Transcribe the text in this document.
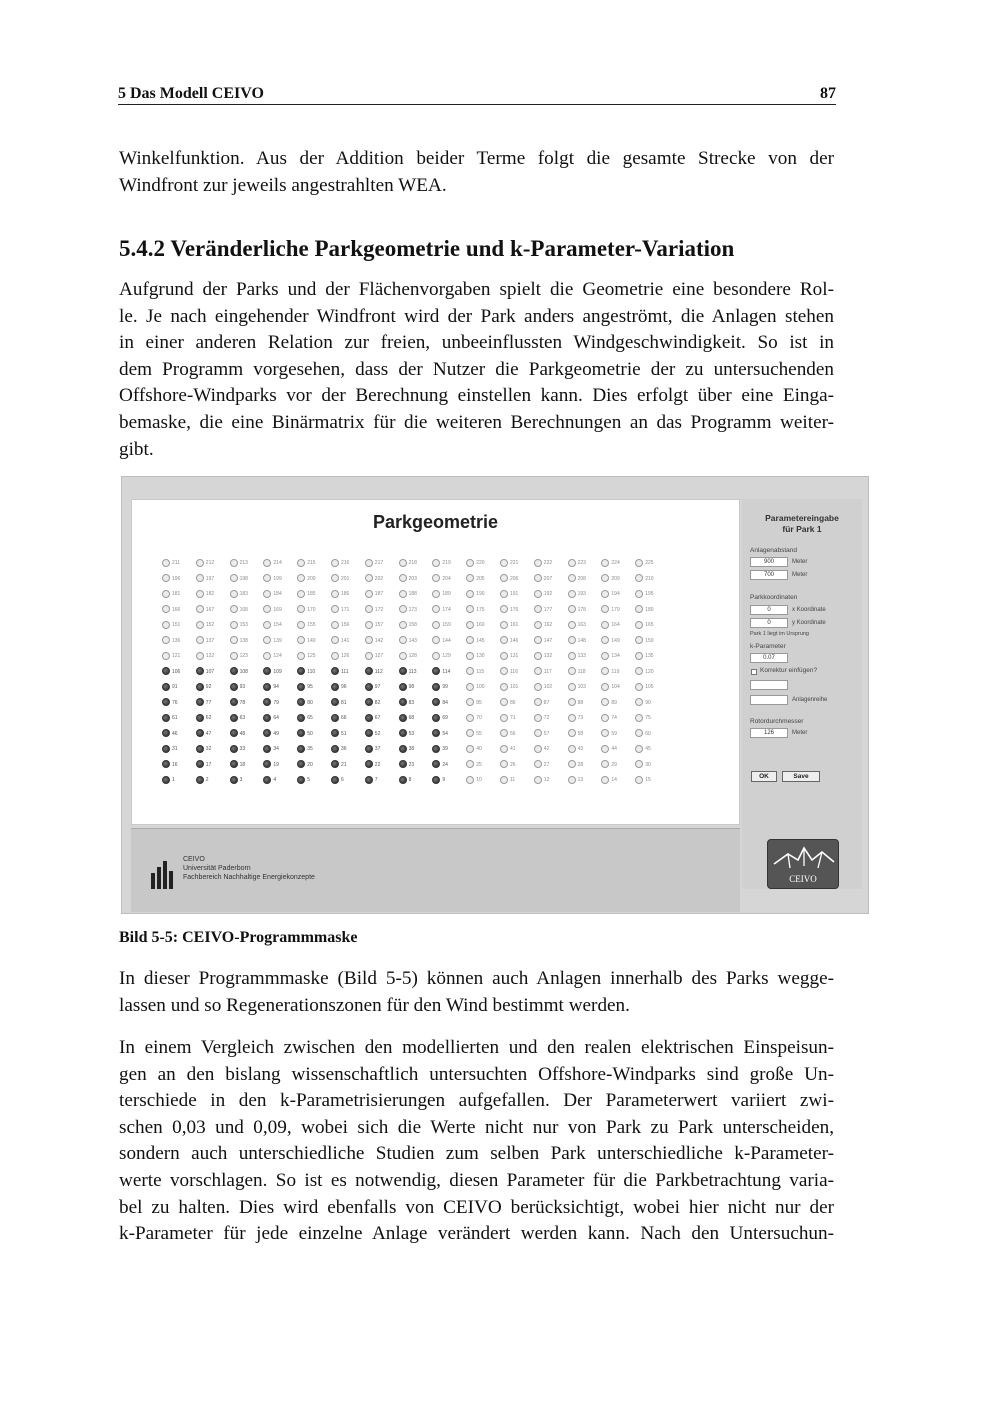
5 Das Modell CEIVO	87
Winkelfunktion. Aus der Addition beider Terme folgt die gesamte Strecke von der
Windfront zur jeweils angestrahlten WEA.
5.4.2 Veränderliche Parkgeometrie und k-Parameter-Variation
Aufgrund der Parks und der Flächenvorgaben spielt die Geometrie eine besondere Rol-
le. Je nach eingehender Windfront wird der Park anders angeströmt, die Anlagen stehen
in einer anderen Relation zur freien, unbeeinflussten Windgeschwindigkeit. So ist in
dem Programm vorgesehen, dass der Nutzer die Parkgeometrie der zu untersuchenden
Offshore-Windparks vor der Berechnung einstellen kann. Dies erfolgt über eine Einga-
bemaske, die eine Binärmatrix für die weiteren Berechnungen an das Programm weiter-
gibt.
Parkgeometrie
211	212	213	214	215	216	217	218	219	220	221	222	223	224	225
196	197	198	199	200	201	202	203	204	205	206	207	208	209	210
181	182	183	184	185	186	187	188	189	190	191	192	193	194	195
166	167	168	169	170	171	172	173	174	175	176	177	178	179	180
151	152	153	154	155	156	157	158	159	160	161	162	163	164	165
136	137	138	139	140	141	142	143	144	145	146	147	148	149	150
121	122	123	124	125	126	127	128	129	130	131	132	133	134	135
106	107	108	109	110	111	112	113	114	115	116	117	118	119	120
91	92	93	94	95	96	97	98	99	100	101	102	103	104	105
76	77	78	79	80	81	82	83	84	85	86	87	88	89	90
61	62	63	64	65	66	67	68	69	70	71	72	73	74	75
46	47	48	49	50	51	52	53	54	55	56	57	58	59	60
31	32	33	34	35	36	37	38	39	40	41	42	43	44	45
16	17	18	19	20	21	22	23	24	25	26	27	28	29	30
1	2	3	4	5	6	7	8	9	10	11	12	13	14	15
CEIVO
Universität Paderborn
Fachbereich Nachhaltige Energiekonzepte
Parametereingabe
für Park 1
Anlagenabstand
900	Meter
700	Meter
Parkkoordinaten
0	x Koordinate
0	y Koordinate
Park 1 liegt im Ursprung
k-Parameter
0.07
Korrektur einfügen?
Anlagenreihe
Rotordurchmesser
126	Meter
OK	Save
CEIVO
Bild 5-5: CEIVO-Programmmaske
In dieser Programmmaske (Bild 5-5) können auch Anlagen innerhalb des Parks wegge-
lassen und so Regenerationszonen für den Wind bestimmt werden.
In einem Vergleich zwischen den modellierten und den realen elektrischen Einspeisun-
gen an den bislang wissenschaftlich untersuchten Offshore-Windparks sind große Un-
terschiede in den k-Parametrisierungen aufgefallen. Der Parameterwert variiert zwi-
schen 0,03 und 0,09, wobei sich die Werte nicht nur von Park zu Park unterscheiden,
sondern auch unterschiedliche Studien zum selben Park unterschiedliche k-Parameter-
werte vorschlagen. So ist es notwendig, diesen Parameter für die Parkbetrachtung varia-
bel zu halten. Dies wird ebenfalls von CEIVO berücksichtigt, wobei hier nicht nur der
k-Parameter für jede einzelne Anlage verändert werden kann. Nach den Untersuchun-
